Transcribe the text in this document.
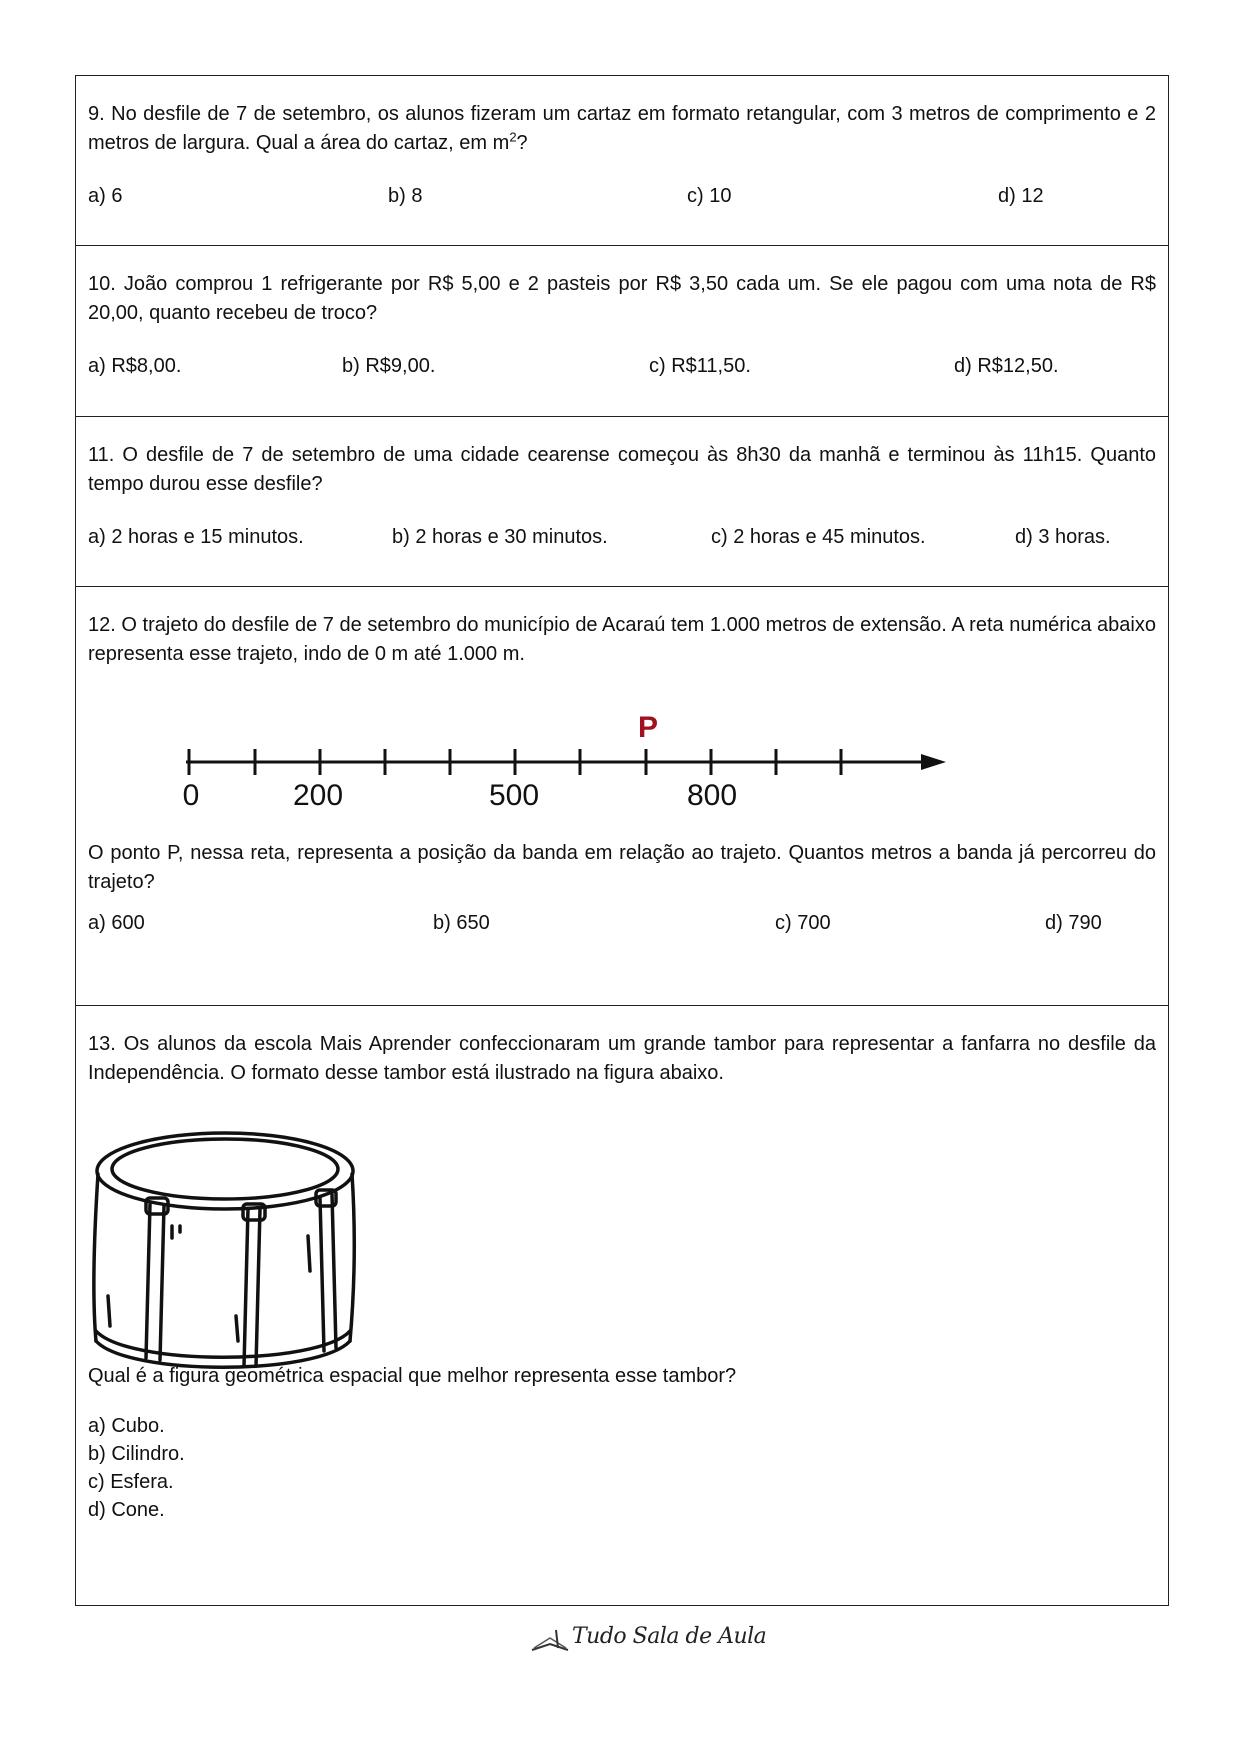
9. No desfile de 7 de setembro, os alunos fizeram um cartaz em formato retangular, com 3 metros de comprimento e 2 metros de largura. Qual a área do cartaz, em $m^2$?

a) 6	b) 8	c) 10	d) 12

10. João comprou 1 refrigerante por R$ 5,00 e 2 pasteis por R$ 3,50 cada um. Se ele pagou com uma nota de R$ 20,00, quanto recebeu de troco?

a) R$8,00.	b) R$9,00.	c) R$11,50.	d) R$12,50.

11. O desfile de 7 de setembro de uma cidade cearense começou às 8h30 da manhã e terminou às 11h15. Quanto tempo durou esse desfile?

a) 2 horas e 15 minutos.	b) 2 horas e 30 minutos.	c) 2 horas e 45 minutos.	d) 3 horas.

12. O trajeto do desfile de 7 de setembro do município de Acaraú tem 1.000 metros de extensão. A reta numérica abaixo representa esse trajeto, indo de 0 m até 1.000 m.

P
0	200	500	800

O ponto P, nessa reta, representa a posição da banda em relação ao trajeto. Quantos metros a banda já percorreu do trajeto?

a) 600	b) 650	c) 700	d) 790

13. Os alunos da escola Mais Aprender confeccionaram um grande tambor para representar a fanfarra no desfile da Independência. O formato desse tambor está ilustrado na figura abaixo.

Qual é a figura geométrica espacial que melhor representa esse tambor?

a) Cubo.
b) Cilindro.
c) Esfera.
d) Cone.
Tudo Sala de Aula
